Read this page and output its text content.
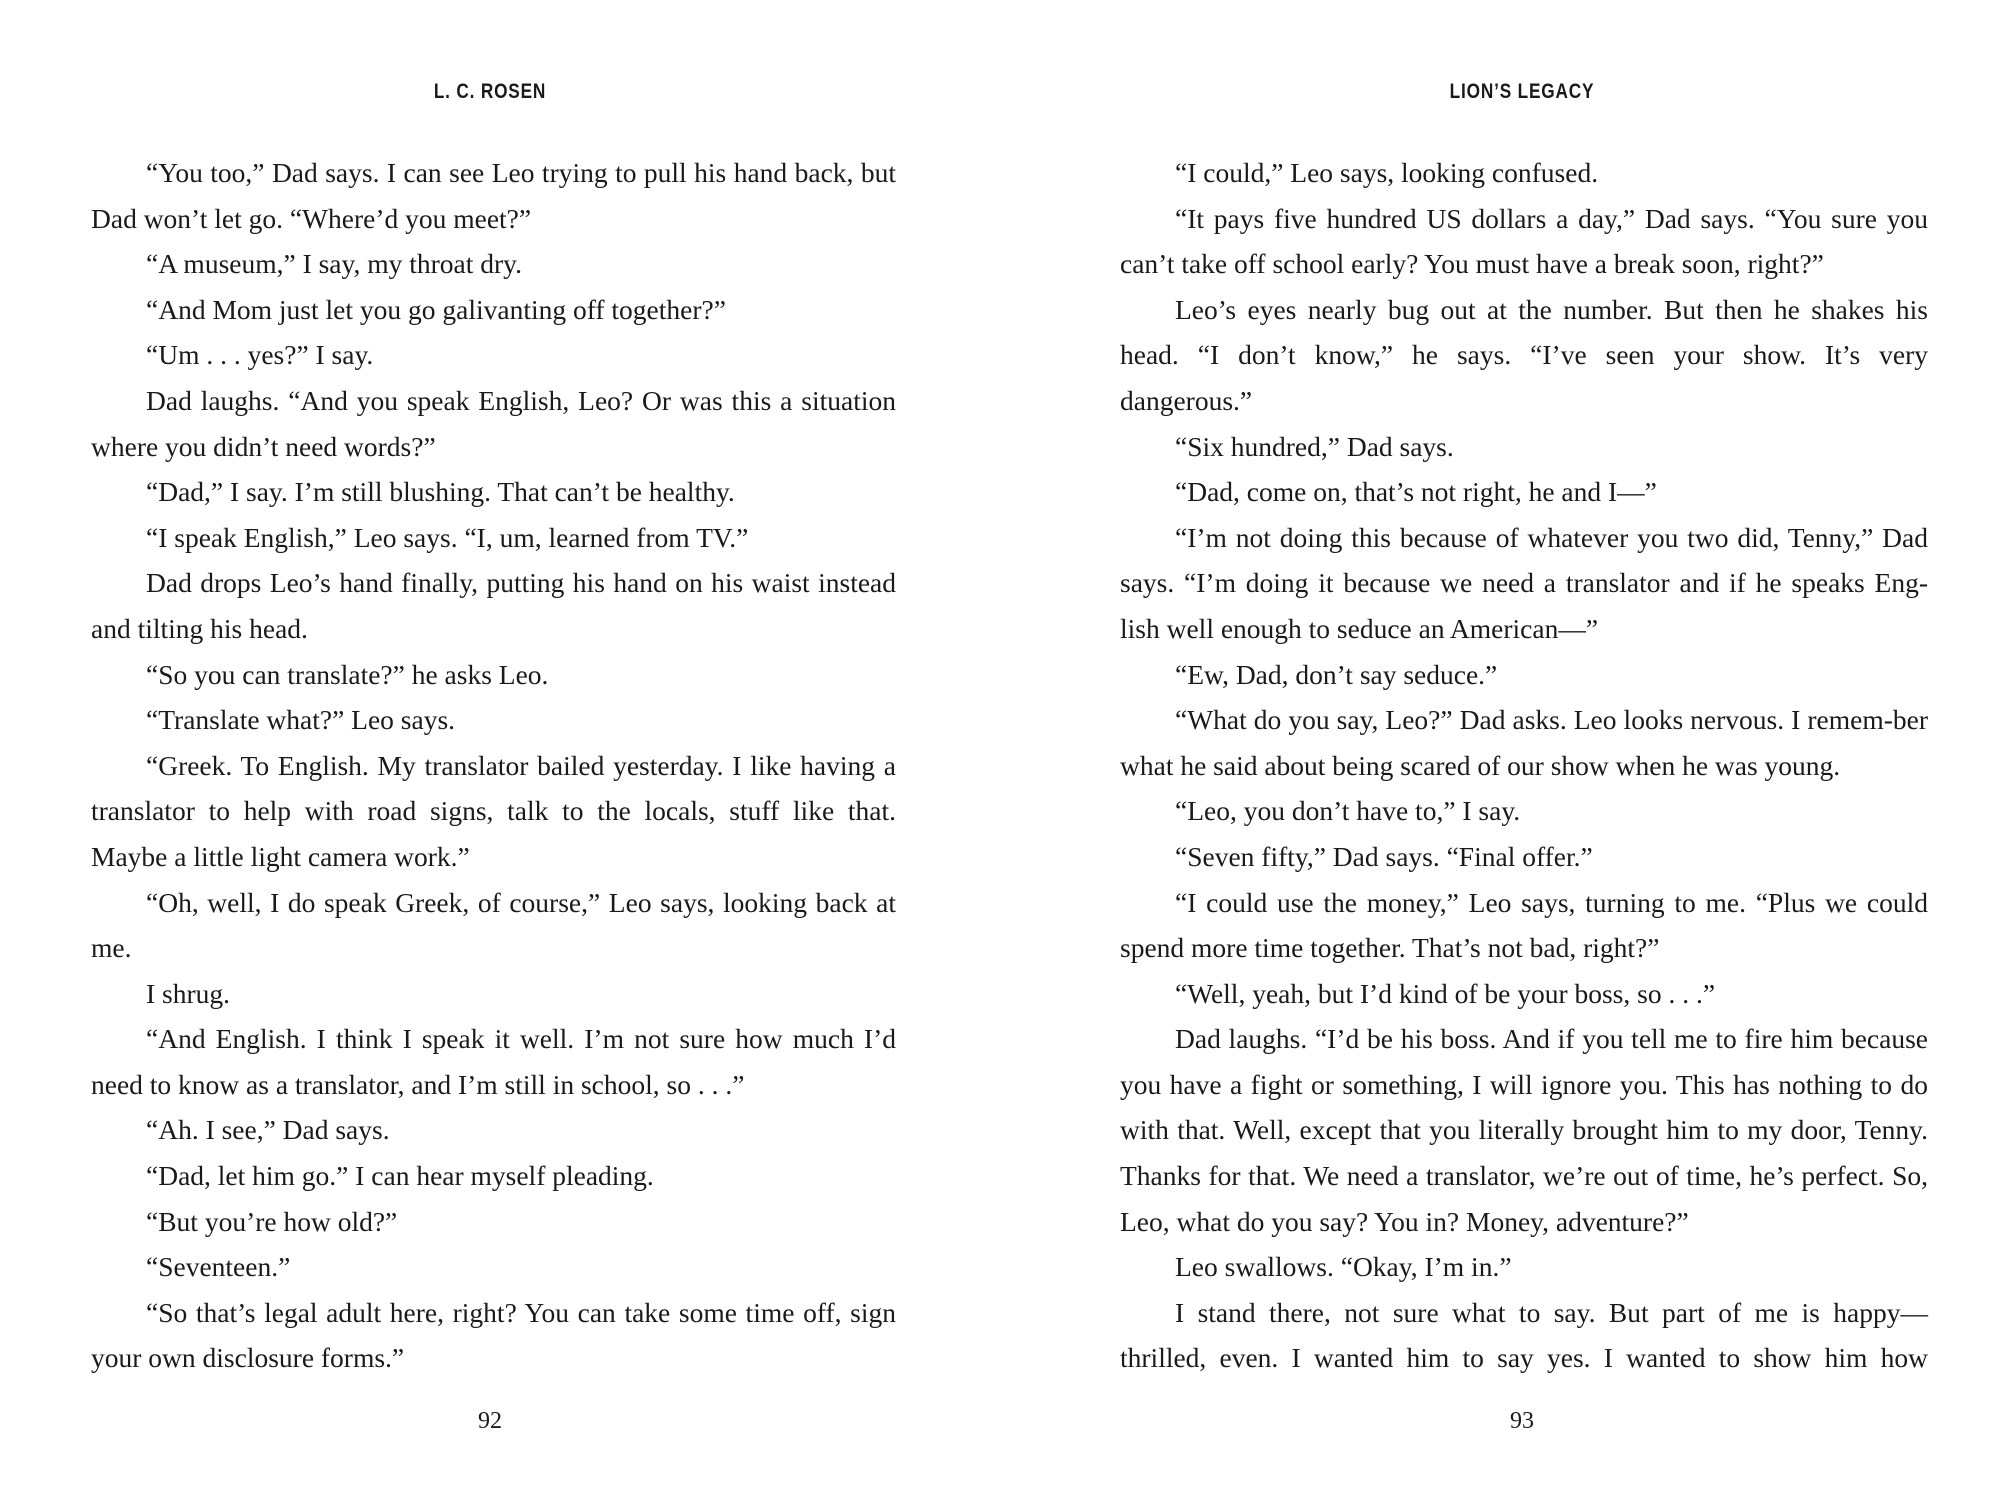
L. C. ROSEN

“You too,” Dad says. I can see Leo trying to pull his hand back, but Dad won’t let go. “Where’d you meet?”

“A museum,” I say, my throat dry.

“And Mom just let you go galivanting off together?”

“Um . . . yes?” I say.

Dad laughs. “And you speak English, Leo? Or was this a situation where you didn’t need words?”

“Dad,” I say. I’m still blushing. That can’t be healthy.

“I speak English,” Leo says. “I, um, learned from TV.”

Dad drops Leo’s hand finally, putting his hand on his waist instead and tilting his head.

“So you can translate?” he asks Leo.

“Translate what?” Leo says.

“Greek. To English. My translator bailed yesterday. I like having a translator to help with road signs, talk to the locals, stuff like that. Maybe a little light camera work.”

“Oh, well, I do speak Greek, of course,” Leo says, looking back at me.

I shrug.

“And English. I think I speak it well. I’m not sure how much I’d need to know as a translator, and I’m still in school, so . . .”

“Ah. I see,” Dad says.

“Dad, let him go.” I can hear myself pleading.

“But you’re how old?”

“Seventeen.”

“So that’s legal adult here, right? You can take some time off, sign your own disclosure forms.”

92
LION’S LEGACY

“I could,” Leo says, looking confused.

“It pays five hundred US dollars a day,” Dad says. “You sure you can’t take off school early? You must have a break soon, right?”

Leo’s eyes nearly bug out at the number. But then he shakes his head. “I don’t know,” he says. “I’ve seen your show. It’s very dangerous.”

“Six hundred,” Dad says.

“Dad, come on, that’s not right, he and I—”

“I’m not doing this because of whatever you two did, Tenny,” Dad says. “I’m doing it because we need a translator and if he speaks Eng-​lish well enough to seduce an American—”

“Ew, Dad, don’t say seduce.”

“What do you say, Leo?” Dad asks. Leo looks nervous. I remem-​ber what he said about being scared of our show when he was young.

“Leo, you don’t have to,” I say.

“Seven fifty,” Dad says. “Final offer.”

“I could use the money,” Leo says, turning to me. “Plus we could spend more time together. That’s not bad, right?”

“Well, yeah, but I’d kind of be your boss, so . . .”

Dad laughs. “I’d be his boss. And if you tell me to fire him because you have a fight or something, I will ignore you. This has nothing to do with that. Well, except that you literally brought him to my door, Tenny. Thanks for that. We need a translator, we’re out of time, he’s perfect. So, Leo, what do you say? You in? Money, adventure?”

Leo swallows. “Okay, I’m in.”

I stand there, not sure what to say. But part of me is happy—​thrilled, even. I wanted him to say yes. I wanted to show him how

93
